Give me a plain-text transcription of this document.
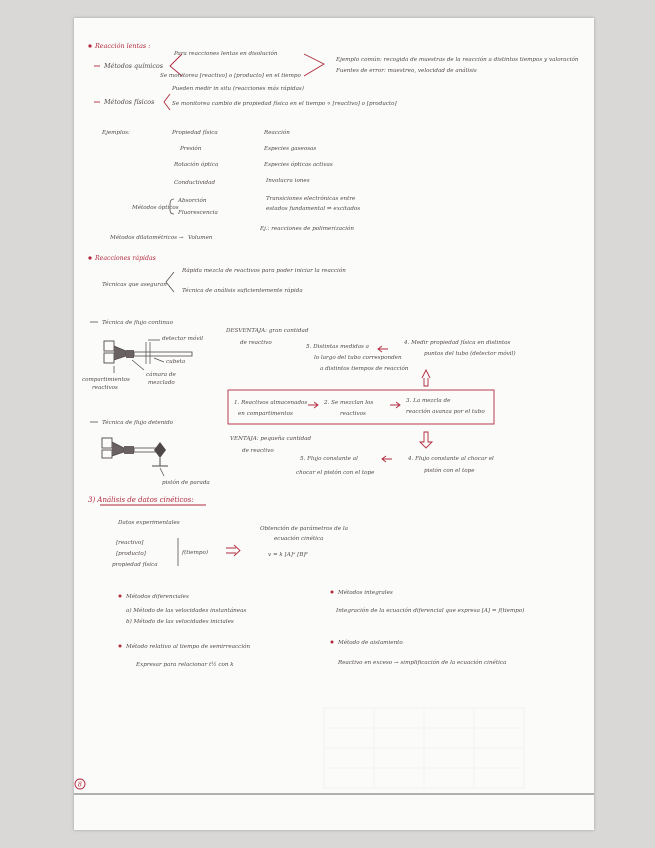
Reacción lentas :
Métodos químicos
Para reacciones lentas en disolución
Se monitorea [reactivo] o [producto] en el tiempo
Ejemplo común: recogida de muestras de la reacción a distintos tiempos y valoración
Fuentes de error: muestreo, velocidad de análisis
Pueden medir in situ (reacciones más rápidas)
Métodos físicos	Se monitorea cambio de propiedad física en el tiempo ∝ [reactivo] o [producto]
Ejemplos:	Propiedad física	Reacción
Presión	Especies gaseosas
Rotación óptica	Especies ópticas activas
Conductividad	Involucra iones
Métodos ópticos
Absorción
Fluorescencia
Transiciones electrónicas entre
estados fundamental ⇌ excitados
Ej.: reacciones de polimerización
Métodos dilatométricos → Volumen
Reacciones rápidas
Técnicas que aseguran
Rápida mezcla de reactivos para poder iniciar la reacción
Técnica de análisis suficientemente rápida
Técnica de flujo continuo
detector móvil
cubeta
compartimientos
reactivos
cámara de
mezclado
DESVENTAJA: gran cantidad
de reactivo
5. Distintas medidas a
lo largo del tubo corresponden
a distintos tiempos de reacción
4. Medir propiedad física en distintos
puntos del tubo (detector móvil)
1. Reactivos almacenados
en compartimentos
2. Se mezclan los
reactivos
3. La mezcla de
reacción avanza por el tubo
Técnica de flujo detenido
pistón de parada
VENTAJA: pequeña cantidad
de reactivo
5. Flujo constante al
chocar el pistón con el tope
4. Flujo constante al chocar el
pistón con el tope
3) Análisis de datos cinéticos:
Datos experimentales
[reactivo]
[producto]
propiedad física
f(tiempo)
Obtención de parámetros de la
ecuación cinética
v = k [A]ᵅ [B]ᵝ
Métodos diferenciales
a) Método de las velocidades instantáneas
b) Método de las velocidades iniciales
Métodos integrales
Integración de la ecuación diferencial que expresa [A] = f(tiempo)
Método relativo al tiempo de semirreacción
Expresar para relacionar t½ con k
Método de aislamiento
Reactivo en exceso → simplificación de la ecuación cinética
8
